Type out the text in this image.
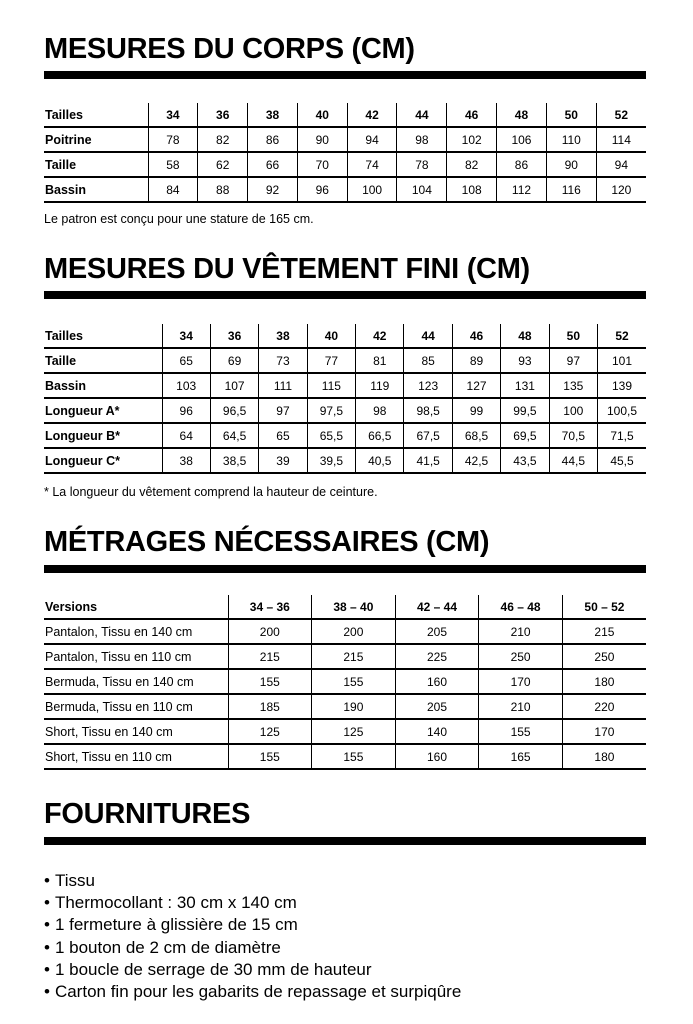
MESURES DU CORPS (CM)
Tailles	34	36	38	40	42	44	46	48	50	52
Poitrine	78	82	86	90	94	98	102	106	110	114
Taille	58	62	66	70	74	78	82	86	90	94
Bassin	84	88	92	96	100	104	108	112	116	120

Le patron est conçu pour une stature de 165 cm.

MESURES DU VÊTEMENT FINI (CM)
Tailles	34	36	38	40	42	44	46	48	50	52
Taille	65	69	73	77	81	85	89	93	97	101
Bassin	103	107	111	115	119	123	127	131	135	139
Longueur A*	96	96,5	97	97,5	98	98,5	99	99,5	100	100,5
Longueur B*	64	64,5	65	65,5	66,5	67,5	68,5	69,5	70,5	71,5
Longueur C*	38	38,5	39	39,5	40,5	41,5	42,5	43,5	44,5	45,5

* La longueur du vêtement comprend la hauteur de ceinture.

MÉTRAGES NÉCESSAIRES (CM)
Versions	34 – 36	38 – 40	42 – 44	46 – 48	50 – 52
Pantalon, Tissu en 140 cm	200	200	205	210	215
Pantalon, Tissu en 110 cm	215	215	225	250	250
Bermuda, Tissu en 140 cm	155	155	160	170	180
Bermuda, Tissu en 110 cm	185	190	205	210	220
Short, Tissu en 140 cm	125	125	140	155	170
Short, Tissu en 110 cm	155	155	160	165	180
FOURNITURES
• Tissu
• Thermocollant : 30 cm x 140 cm
• 1 fermeture à glissière de 15 cm
• 1 bouton de 2 cm de diamètre
• 1 boucle de serrage de 30 mm de hauteur
• Carton fin pour les gabarits de repassage et surpiqûre
